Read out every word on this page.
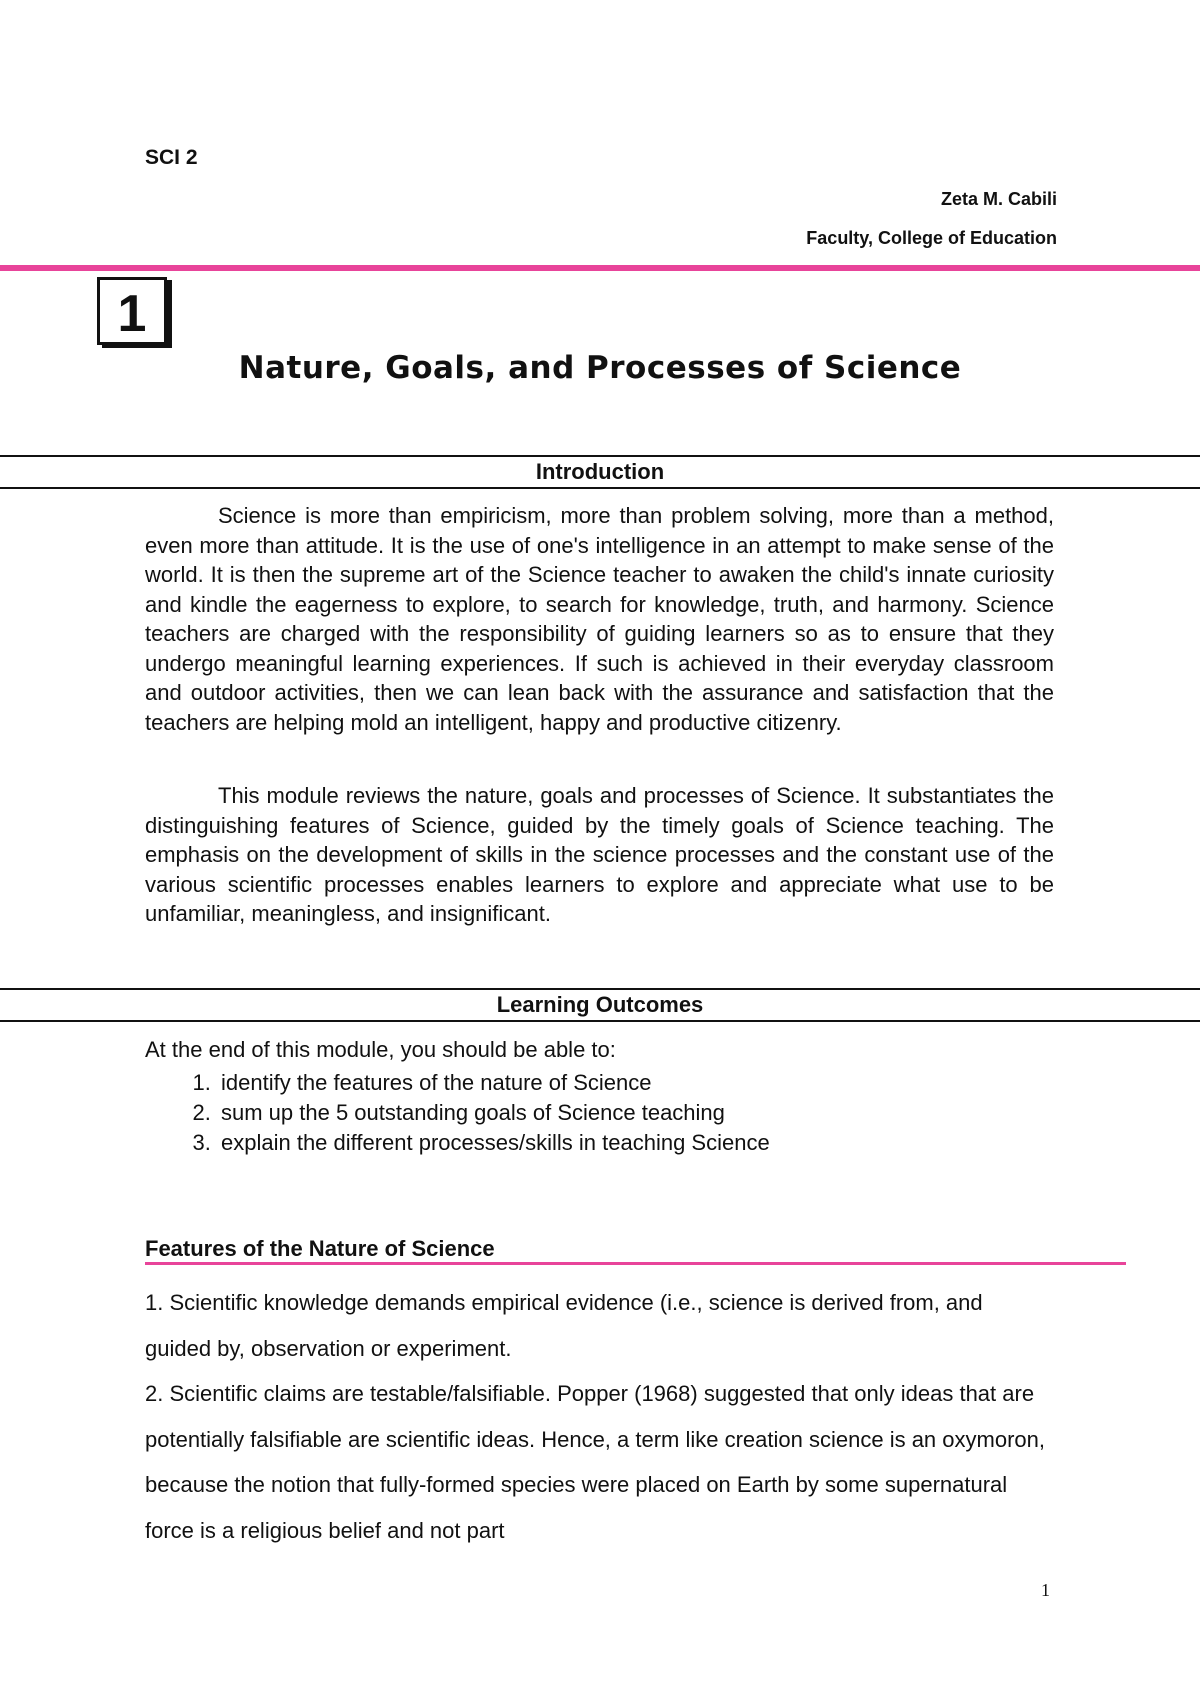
SCI 2
Zeta M. Cabili
Faculty, College of Education
1
Nature, Goals, and Processes of Science
Introduction

Science is more than empiricism, more than problem solving, more than a method, even more than attitude. It is the use of one's intelligence in an attempt to make sense of the world. It is then the supreme art of the Science teacher to awaken the child's innate curiosity and kindle the eagerness to explore, to search for knowledge, truth, and harmony. Science teachers are charged with the responsibility of guiding learners so as to ensure that they undergo meaningful learning experiences. If such is achieved in their everyday classroom and outdoor activities, then we can lean back with the assurance and satisfaction that the teachers are helping mold an intelligent, happy and productive citizenry.

This module reviews the nature, goals and processes of Science. It substantiates the distinguishing features of Science, guided by the timely goals of Science teaching. The emphasis on the development of skills in the science processes and the constant use of the various scientific processes enables learners to explore and appreciate what use to be unfamiliar, meaningless, and insignificant.

Learning Outcomes
At the end of this module, you should be able to:
1. identify the features of the nature of Science
2. sum up the 5 outstanding goals of Science teaching
3. explain the different processes/skills in teaching Science
Features of the Nature of Science

1. Scientific knowledge demands empirical evidence (i.e., science is derived from, and guided by, observation or experiment.

2. Scientific claims are testable/falsifiable. Popper (1968) suggested that only ideas that are potentially falsifiable are scientific ideas. Hence, a term like creation science is an oxymoron, because the notion that fully-formed species were placed on Earth by some supernatural force is a religious belief and not part

1
